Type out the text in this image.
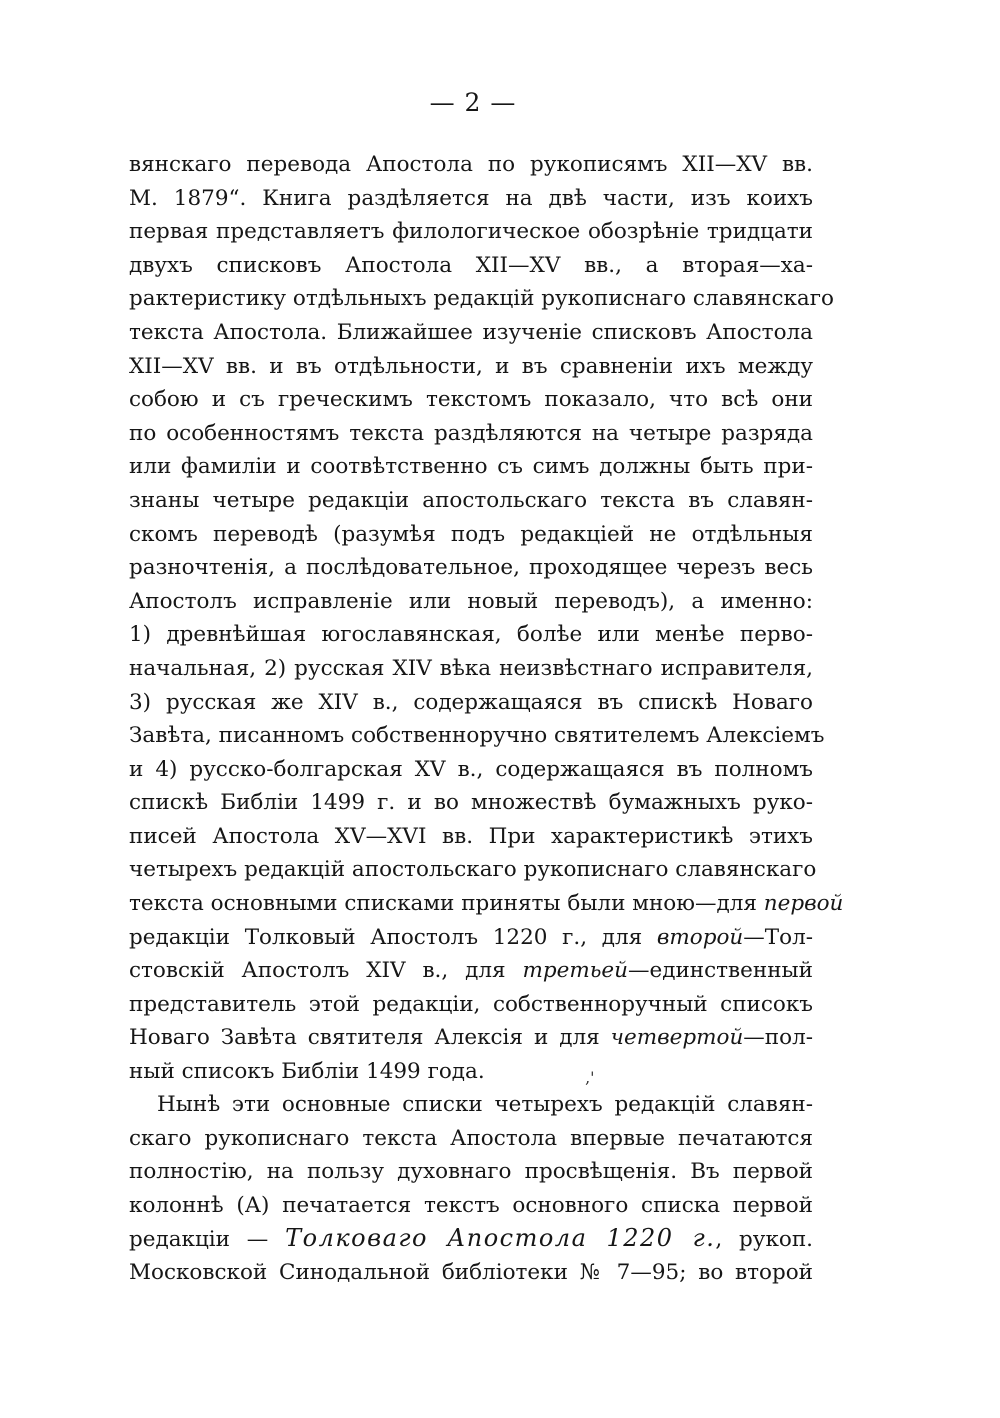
— 2 —
вянскаго перевода Апостола по рукописямъ XII—XV вв.
М. 1879“. Книга раздѣляется на двѣ части, изъ коихъ
первая представляетъ филологическое обозрѣніе тридцати
двухъ списковъ Апостола XII—XV вв., а вторая—ха-
рактеристику отдѣльныхъ редакцій рукописнаго славянскаго
текста Апостола. Ближайшее изученіе списковъ Апостола
XII—XV вв. и въ отдѣльности, и въ сравненіи ихъ между
собою и съ греческимъ текстомъ показало, что всѣ они
по особенностямъ текста раздѣляются на четыре разряда
или фамиліи и соотвѣтственно съ симъ должны быть при-
знаны четыре редакціи апостольскаго текста въ славян-
скомъ переводѣ (разумѣя подъ редакціей не отдѣльныя
разночтенія, а послѣдовательное, проходящее черезъ весь
Апостолъ исправленіе или новый переводъ), а именно:
1) древнѣйшая югославянская, болѣе или менѣе перво-
начальная, 2) русская XIV вѣка неизвѣстнаго исправителя,
3) русская же XIV в., содержащаяся въ спискѣ Новаго
Завѣта, писанномъ собственноручно святителемъ Алексіемъ
и 4) русско-болгарская XV в., содержащаяся въ полномъ
спискѣ Библіи 1499 г. и во множествѣ бумажныхъ руко-
писей Апостола XV—XVI вв. При характеристикѣ этихъ
четырехъ редакцій апостольскаго рукописнаго славянскаго
текста основными списками приняты были мною—для первой
редакціи Толковый Апостолъ 1220 г., для второй—Тол-
стовскій Апостолъ XIV в., для третьей—единственный
представитель этой редакціи, собственноручный списокъ
Новаго Завѣта святителя Алексія и для четвертой—пол-
ный списокъ Библіи 1499 года.	‚'
Нынѣ эти основные списки четырехъ редакцій славян-
скаго рукописнаго текста Апостола впервые печатаются
полностію, на пользу духовнаго просвѣщенія. Въ первой
колоннѣ (А) печатается текстъ основного списка первой
редакціи — Толковаго Апостола 1220 г., рукоп.
Московской Синодальной библіотеки № 7—95; во второй
